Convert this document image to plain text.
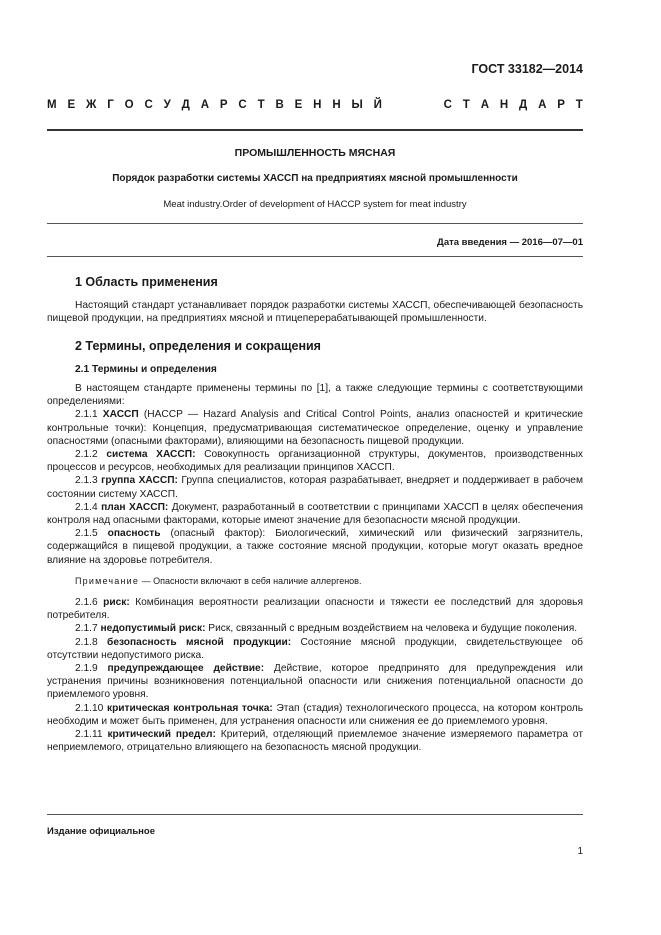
ГОСТ 33182—2014
М Е Ж Г О С У Д А Р С Т В Е Н Н Ы Й	С Т А Н Д А Р Т
ПРОМЫШЛЕННОСТЬ МЯСНАЯ
Порядок разработки системы ХАССП на предприятиях мясной промышленности
Meat industry.Order of development of HACCP system for meat industry
Дата введения — 2016—07—01
1 Область применения

Настоящий стандарт устанавливает порядок разработки системы ХАССП, обеспечивающей безопасность пищевой продукции, на предприятиях мясной и птицеперерабатывающей промышленности.

2 Термины, определения и сокращения
2.1 Термины и определения

В настоящем стандарте применены термины по [1], а также следующие термины с соответствующими определениями:

2.1.1 ХАССП (HACCP — Hazard Analysis and Critical Control Points, анализ опасностей и критические контрольные точки): Концепция, предусматривающая систематическое определение, оценку и управление опасностями (опасными факторами), влияющими на безопасность пищевой продукции.

2.1.2 система ХАССП: Совокупность организационной структуры, документов, производственных процессов и ресурсов, необходимых для реализации принципов ХАССП.

2.1.3 группа ХАССП: Группа специалистов, которая разрабатывает, внедряет и поддерживает в рабочем состоянии систему ХАССП.

2.1.4 план ХАССП: Документ, разработанный в соответствии с принципами ХАССП в целях обеспечения контроля над опасными факторами, которые имеют значение для безопасности мясной продукции.

2.1.5 опасность (опасный фактор): Биологический, химический или физический загрязнитель, содержащийся в пищевой продукции, а также состояние мясной продукции, которые могут оказать вредное влияние на здоровье потребителя.

Примечание — Опасности включают в себя наличие аллергенов.

2.1.6 риск: Комбинация вероятности реализации опасности и тяжести ее последствий для здоровья потребителя.

2.1.7 недопустимый риск: Риск, связанный с вредным воздействием на человека и будущие поколения.

2.1.8 безопасность мясной продукции: Состояние мясной продукции, свидетельствующее об отсутствии недопустимого риска.

2.1.9 предупреждающее действие: Действие, которое предпринято для предупреждения или устранения причины возникновения потенциальной опасности или снижения потенциальной опасности до приемлемого уровня.

2.1.10 критическая контрольная точка: Этап (стадия) технологического процесса, на котором контроль необходим и может быть применен, для устранения опасности или снижения ее до приемлемого уровня.

2.1.11 критический предел: Критерий, отделяющий приемлемое значение измеряемого параметра от неприемлемого, отрицательно влияющего на безопасность мясной продукции.

Издание официальное
1
